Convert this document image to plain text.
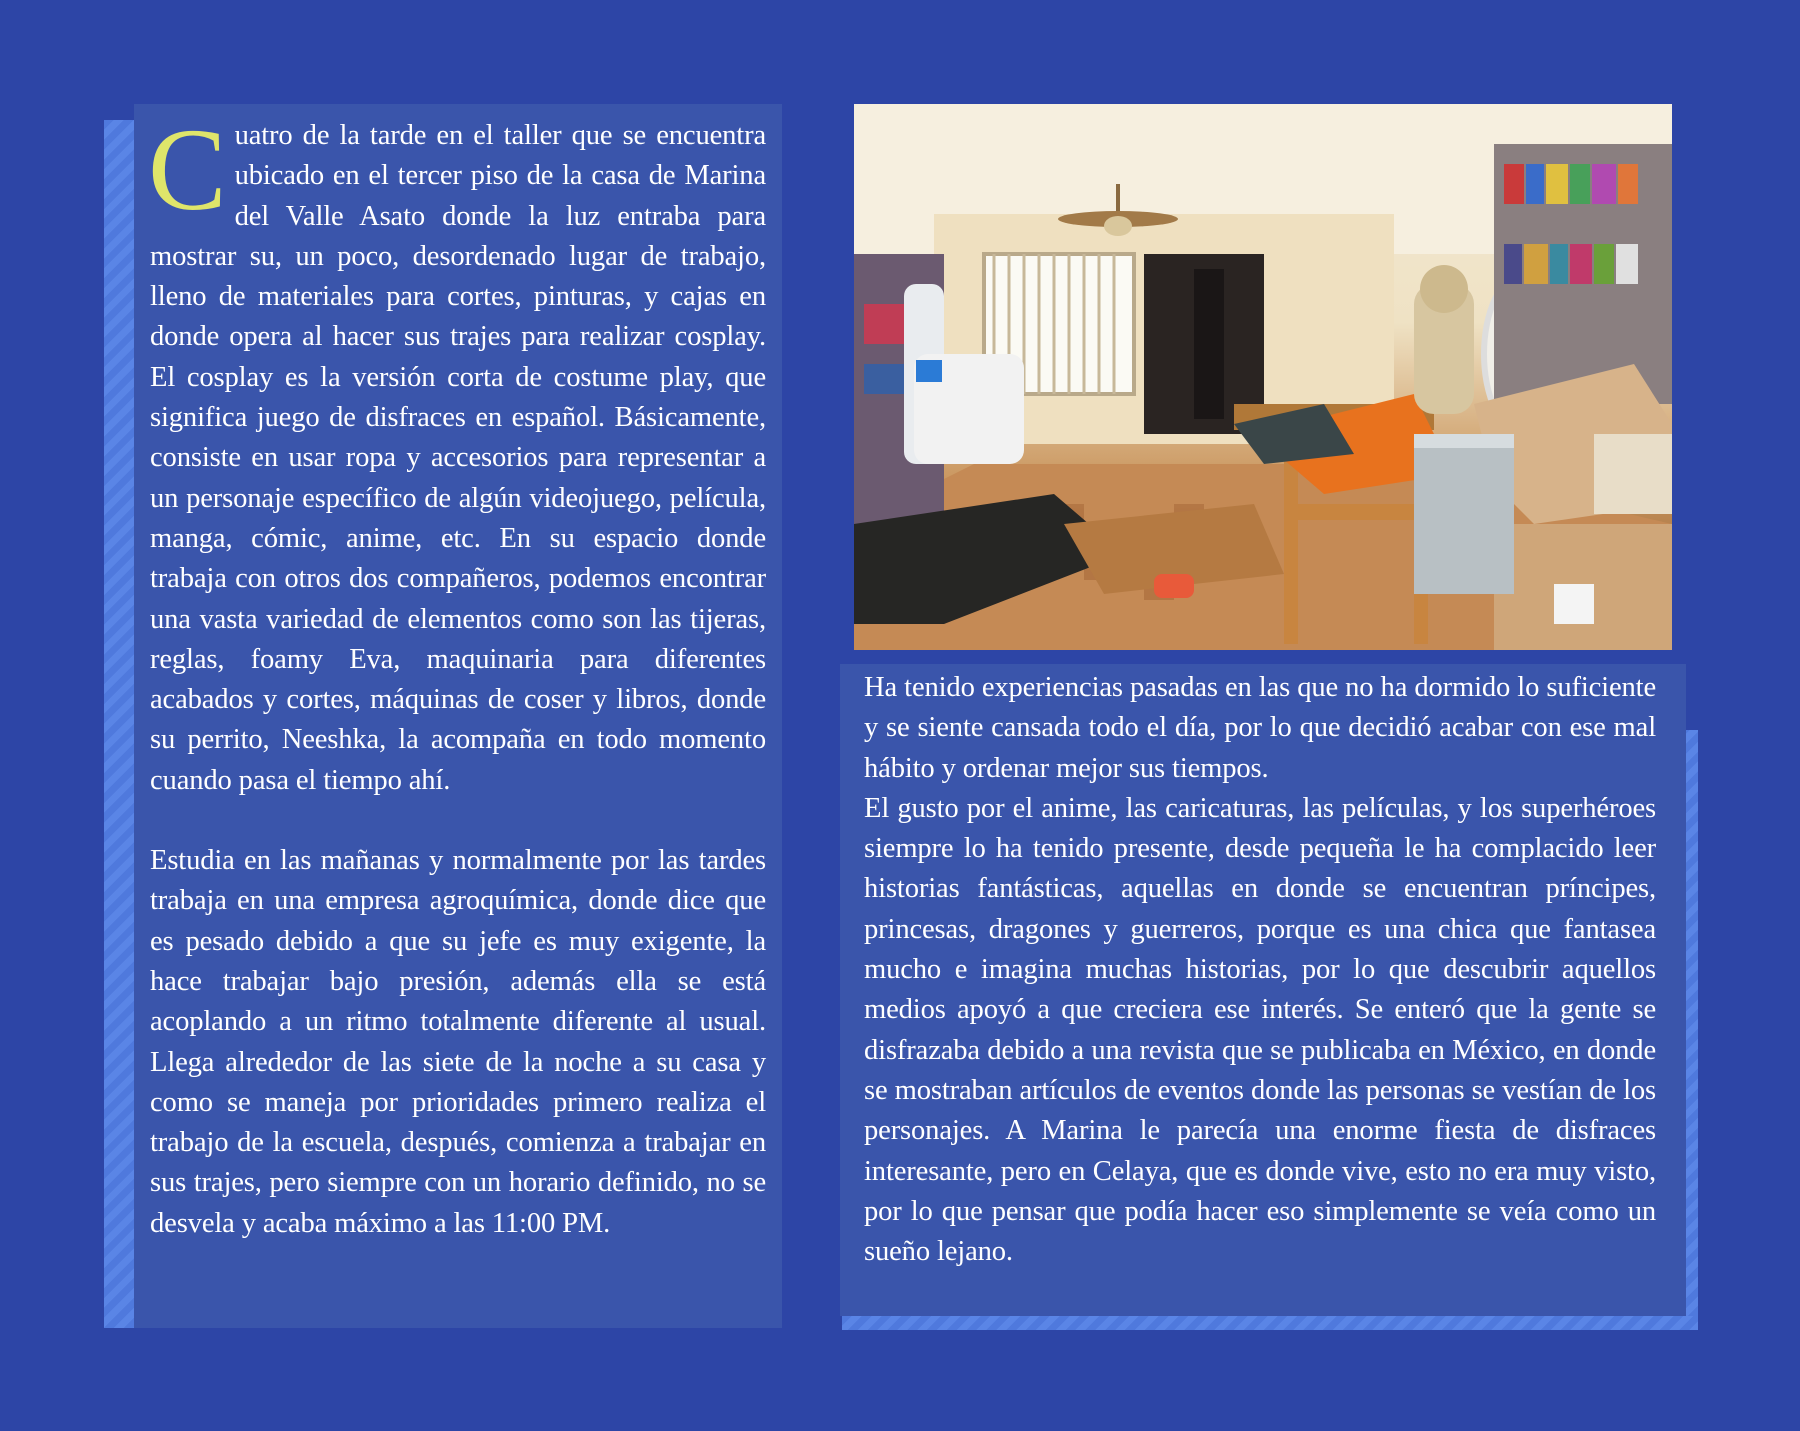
Cuatro de la tarde en el taller que se encuentra ubicado en el tercer piso de la casa de Marina del Valle Asato donde la luz entraba para mostrar su, un poco, desordenado lugar de trabajo, lleno de materiales para cortes, pinturas, y cajas en donde opera al hacer sus trajes para realizar cosplay. El cosplay es la versión corta de costume play, que significa juego de disfraces en español. Básicamente, consiste en usar ropa y accesorios para representar a un personaje específico de algún videojuego, película, manga, cómic, anime, etc. En su espacio donde trabaja con otros dos compañeros, podemos encontrar una vasta variedad de elementos como son las tijeras, reglas, foamy Eva, maquinaria para diferentes acabados y cortes, máquinas de coser y libros, donde su perrito, Neeshka, la acompaña en todo momento cuando pasa el tiempo ahí.

Estudia en las mañanas y normalmente por las tardes trabaja en una empresa agroquímica, donde dice que es pesado debido a que su jefe es muy exigente, la hace trabajar bajo presión, además ella se está acoplando a un ritmo totalmente diferente al usual. Llega alrededor de las siete de la noche a su casa y como se maneja por prioridades primero realiza el trabajo de la escuela, después, comienza a trabajar en sus trajes, pero siempre con un horario definido, no se desvela y acaba máximo a las 11:00 PM.

Ha tenido experiencias pasadas en las que no ha dormido lo suficiente y se siente cansada todo el día, por lo que decidió acabar con ese mal hábito y ordenar mejor sus tiempos.

El gusto por el anime, las caricaturas, las películas, y los superhéroes siempre lo ha tenido presente, desde pequeña le ha complacido leer historias fantásticas, aquellas en donde se encuentran príncipes, princesas, dragones y guerreros, porque es una chica que fantasea mucho e imagina muchas historias, por lo que descubrir aquellos medios apoyó a que creciera ese interés. Se enteró que la gente se disfrazaba debido a una revista que se publicaba en México, en donde se mostraban artículos de eventos donde las personas se vestían de los personajes. A Marina le parecía una enorme fiesta de disfraces interesante, pero en Celaya, que es donde vive, esto no era muy visto, por lo que pensar que podía hacer eso simplemente se veía como un sueño lejano.
